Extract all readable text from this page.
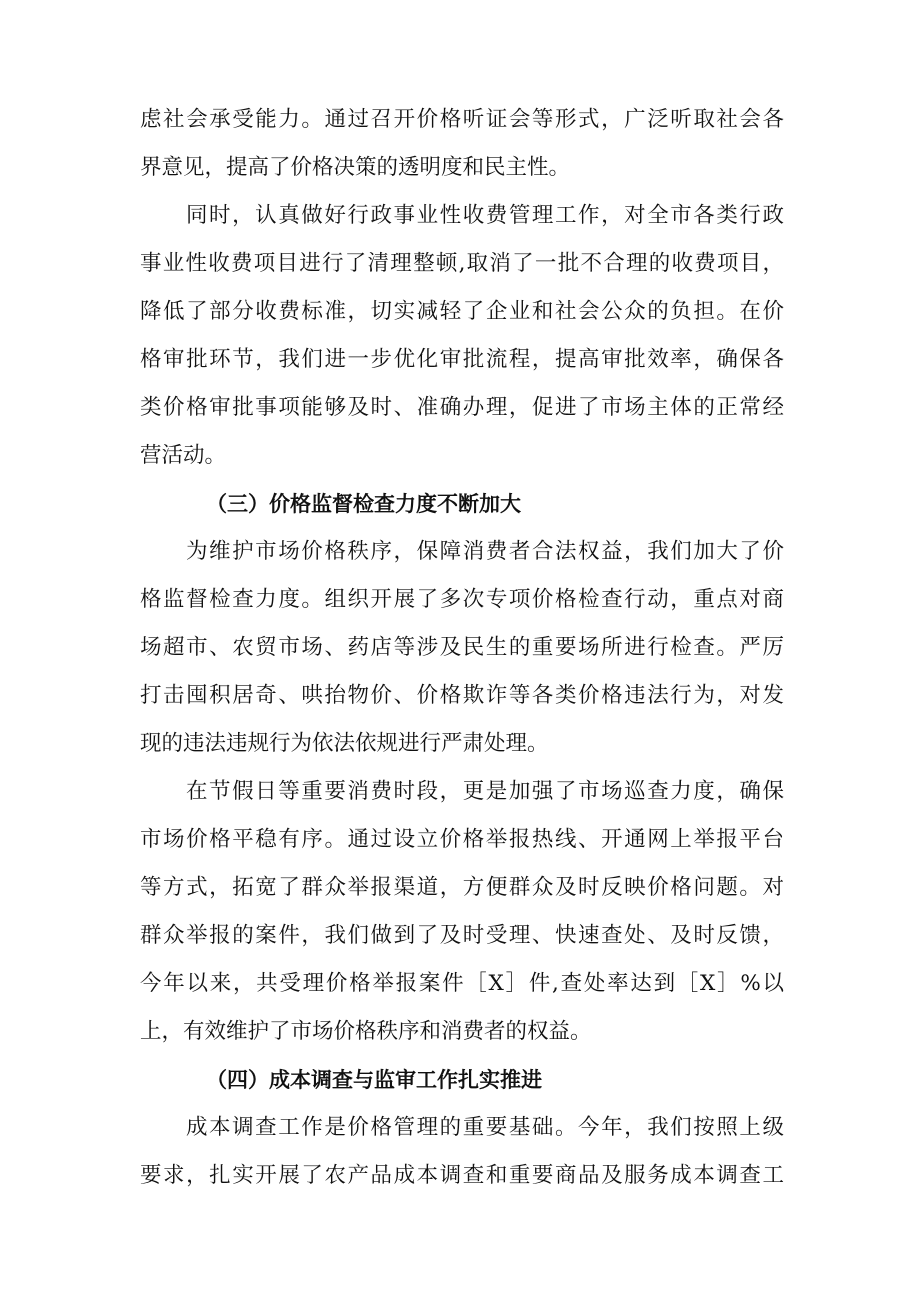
虑社会承受能力。通过召开价格听证会等形式，广泛听取社会各
界意见，提高了价格决策的透明度和民主性。
同时，认真做好行政事业性收费管理工作，对全市各类行政
事业性收费项目进行了清理整顿,取消了一批不合理的收费项目，
降低了部分收费标准，切实减轻了企业和社会公众的负担。在价
格审批环节，我们进一步优化审批流程，提高审批效率，确保各
类价格审批事项能够及时、准确办理，促进了市场主体的正常经
营活动。
（三）价格监督检查力度不断加大
为维护市场价格秩序，保障消费者合法权益，我们加大了价
格监督检查力度。组织开展了多次专项价格检查行动，重点对商
场超市、农贸市场、药店等涉及民生的重要场所进行检查。严厉
打击囤积居奇、哄抬物价、价格欺诈等各类价格违法行为，对发
现的违法违规行为依法依规进行严肃处理。
在节假日等重要消费时段，更是加强了市场巡查力度，确保
市场价格平稳有序。通过设立价格举报热线、开通网上举报平台
等方式，拓宽了群众举报渠道，方便群众及时反映价格问题。对
群众举报的案件，我们做到了及时受理、快速查处、及时反馈，
今年以来，共受理价格举报案件［X］件,查处率达到［X］%以
上，有效维护了市场价格秩序和消费者的权益。
（四）成本调查与监审工作扎实推进
成本调查工作是价格管理的重要基础。今年，我们按照上级
要求，扎实开展了农产品成本调查和重要商品及服务成本调查工
